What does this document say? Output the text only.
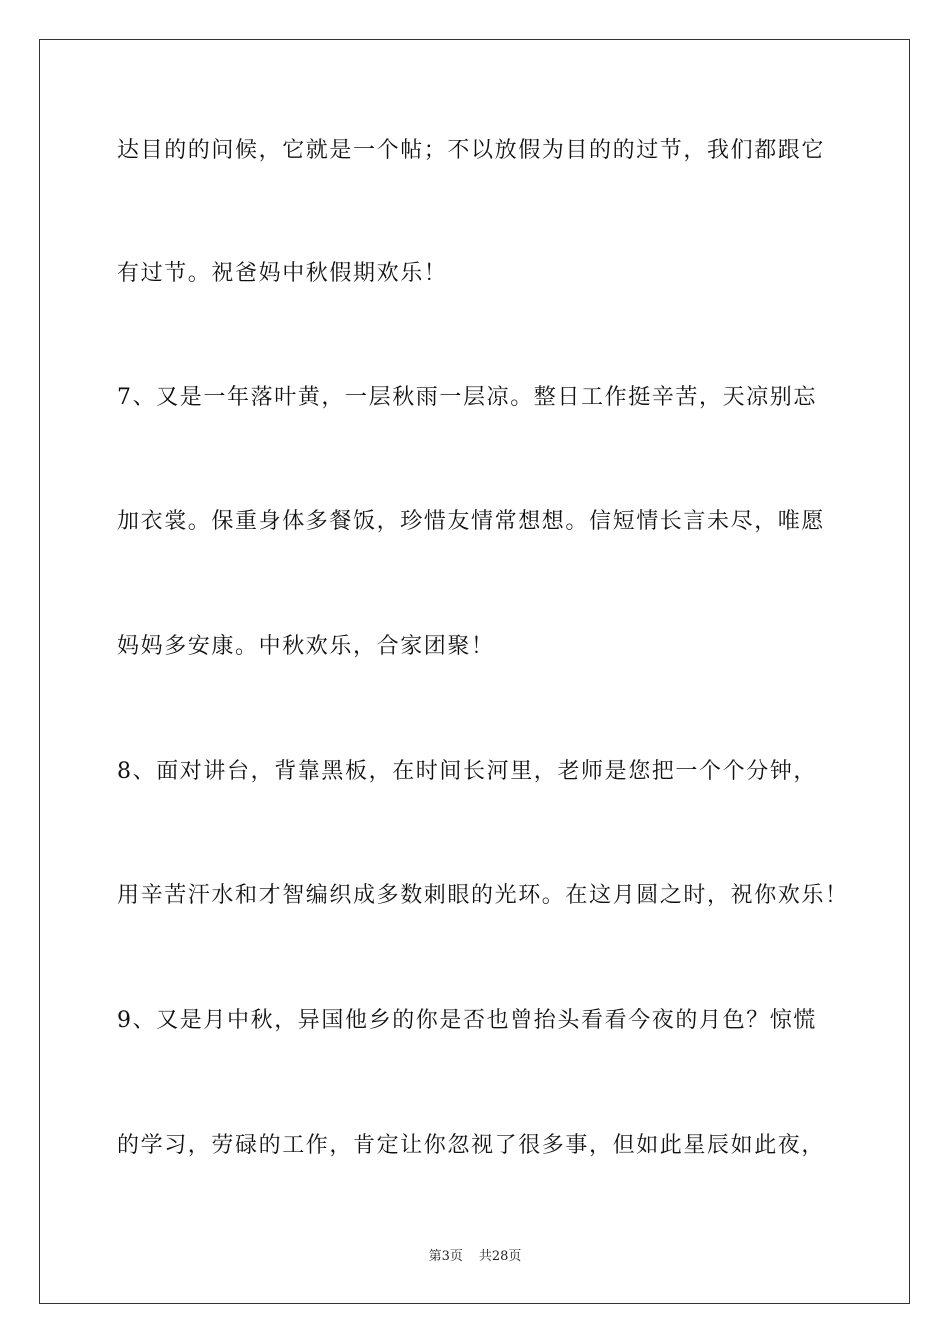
达目的的问候，它就是一个帖；不以放假为目的的过节，我们都跟它
有过节。祝爸妈中秋假期欢乐！
7、又是一年落叶黄，一层秋雨一层凉。整日工作挺辛苦，天凉别忘
加衣裳。保重身体多餐饭，珍惜友情常想想。信短情长言未尽，唯愿
妈妈多安康。中秋欢乐，合家团聚！
8、面对讲台，背靠黑板，在时间长河里，老师是您把一个个分钟，
用辛苦汗水和才智编织成多数刺眼的光环。在这月圆之时，祝你欢乐！
9、又是月中秋，异国他乡的你是否也曾抬头看看今夜的月色？惊慌
的学习，劳碌的工作，肯定让你忽视了很多事，但如此星辰如此夜，
第3页 共28页
